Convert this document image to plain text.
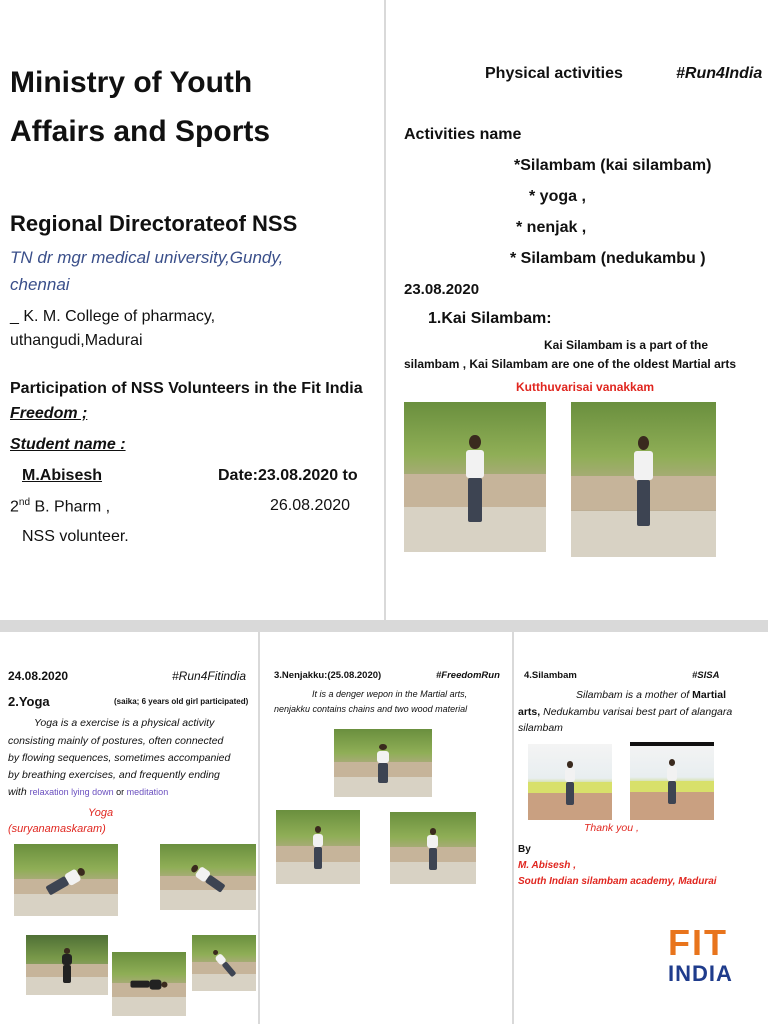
Ministry of Youth
Affairs and Sports
Regional Directorateof NSS
TN dr mgr medical university,Gundy,
chennai
_ K. M. College of pharmacy,
uthangudi,Madurai
Participation of NSS Volunteers in the Fit India
Freedom ;
Student name :
M.Abisesh	Date:23.08.2020 to
2nd B. Pharm ,	26.08.2020
NSS volunteer.
Physical activities	#Run4India
Activities name
*Silambam (kai silambam)
* yoga ,
* nenjak ,
* Silambam (nedukambu )
23.08.2020
1.Kai Silambam:
Kai Silambam is a part of the
silambam , Kai Silambam are one of the oldest Martial arts
Kutthuvarisai vanakkam
24.08.2020	#Run4Fitindia
2.Yoga	(saika; 6 years old girl participated)
Yoga is a exercise is a physical activity
consisting mainly of postures, often connected
by flowing sequences, sometimes accompanied
by breathing exercises, and frequently ending
with relaxation lying down or meditation
Yoga
(suryanamaskaram)
3.Nenjakku:(25.08.2020)	#FreedomRun
It is a denger wepon in the Martial arts,
nenjakku contains chains and two wood material
4.Silambam	#SISA
Silambam is a mother of Martial
arts, Nedukambu varisai best part of alangara
silambam
Thank you ,
By
M. Abisesh ,
South Indian silambam academy, Madurai
FIT
INDIA
